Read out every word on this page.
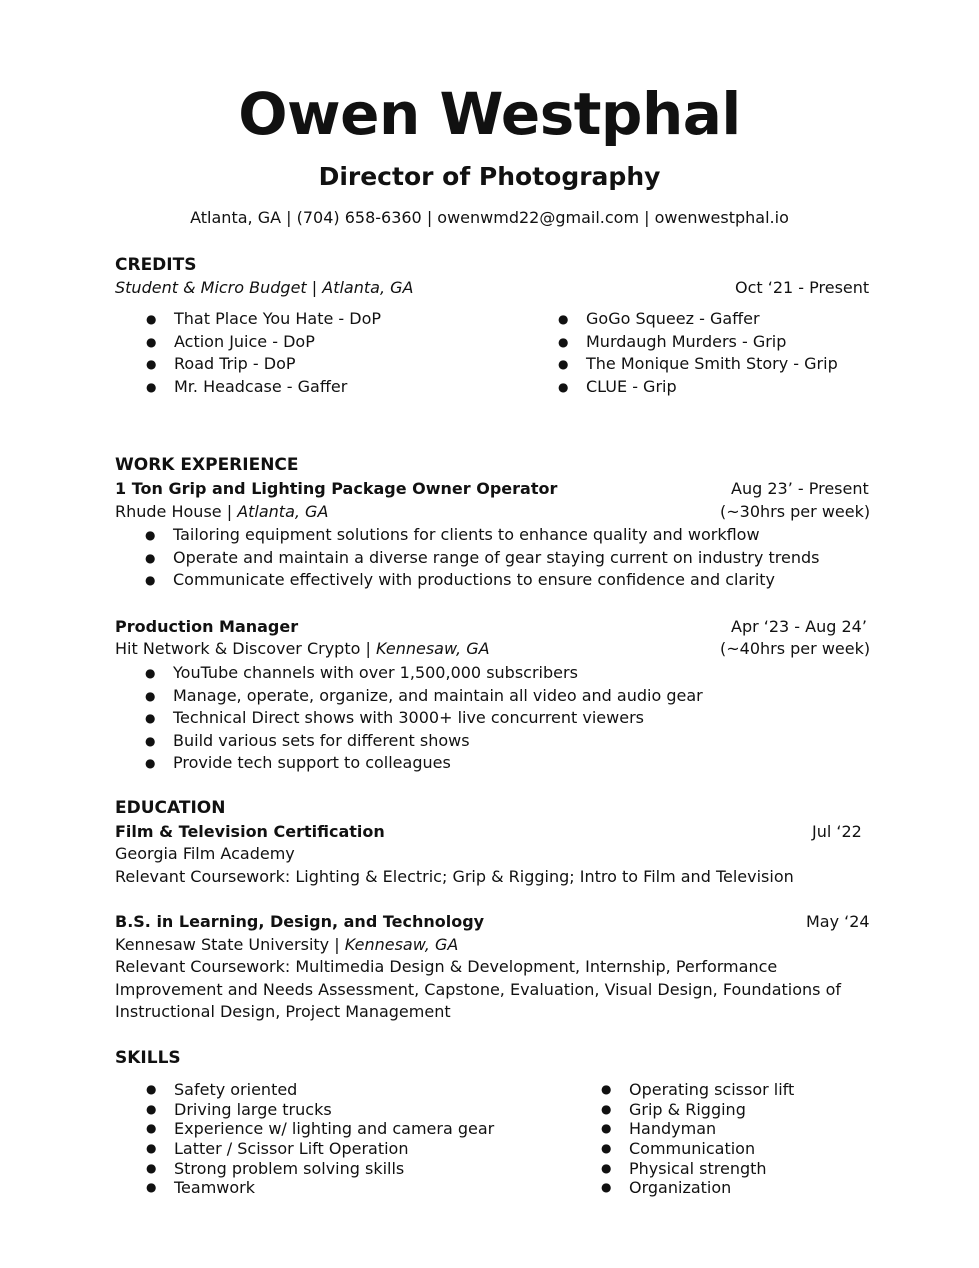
Owen Westphal
Director of Photography
Atlanta, GA | (704) 658-6360 | owenwmd22@gmail.com | owenwestphal.io
CREDITS
Student & Micro Budget | Atlanta, GA	Oct ‘21 - Present
● That Place You Hate - DoP
● Action Juice - DoP
● Road Trip - DoP
● Mr. Headcase - Gaffer
● GoGo Squeez - Gaffer
● Murdaugh Murders - Grip
● The Monique Smith Story - Grip
● CLUE - Grip
WORK EXPERIENCE
1 Ton Grip and Lighting Package Owner Operator	Aug 23’ - Present
Rhude House | Atlanta, GA	(~30hrs per week)
● Tailoring equipment solutions for clients to enhance quality and workflow
● Operate and maintain a diverse range of gear staying current on industry trends
● Communicate effectively with productions to ensure confidence and clarity
Production Manager	Apr ‘23 - Aug 24’
Hit Network & Discover Crypto | Kennesaw, GA	(~40hrs per week)
● YouTube channels with over 1,500,000 subscribers
● Manage, operate, organize, and maintain all video and audio gear
● Technical Direct shows with 3000+ live concurrent viewers
● Build various sets for different shows
● Provide tech support to colleagues
EDUCATION
Film & Television Certification	Jul ‘22
Georgia Film Academy
Relevant Coursework: Lighting & Electric; Grip & Rigging; Intro to Film and Television
B.S. in Learning, Design, and Technology	May ‘24
Kennesaw State University | Kennesaw, GA
Relevant Coursework: Multimedia Design & Development, Internship, Performance
Improvement and Needs Assessment, Capstone, Evaluation, Visual Design, Foundations of
Instructional Design, Project Management
SKILLS
● Safety oriented
● Driving large trucks
● Experience w/ lighting and camera gear
● Latter / Scissor Lift Operation
● Strong problem solving skills
● Teamwork
● Operating scissor lift
● Grip & Rigging
● Handyman
● Communication
● Physical strength
● Organization
